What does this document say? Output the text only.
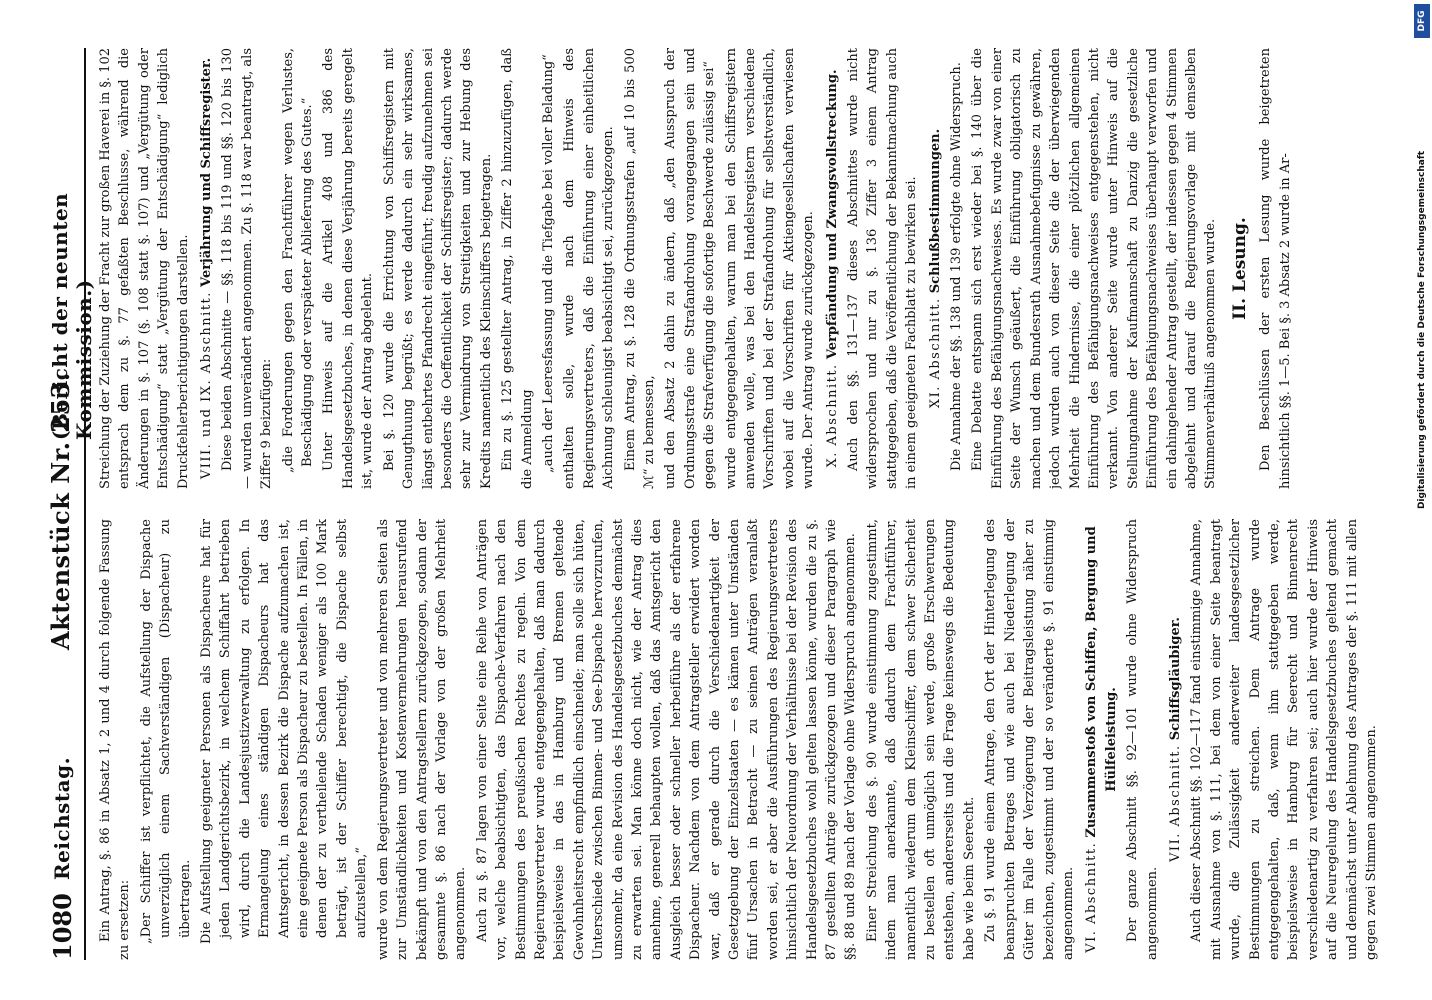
1080
Reichstag.
Aktenstück Nr. 253.
(Bericht der neunten Kommission.)

Ein Antrag, §. 86 in Absatz 1, 2 und 4 durch folgende Fassung zu ersetzen: „Der Schiffer ist verpflichtet, die Aufstellung der Dispache unverzüglich einem Sachverständigen (Dispacheur) zu übertragen. Die Aufstellung geeigneter Personen als Dispacheure hat für jeden Landgerichtsbezirk, in welchem Schiffahrt betrieben wird, durch die Landesjustizverwaltung zu erfolgen. In Ermangelung eines ständigen Dispacheurs hat das Amtsgericht, in dessen Bezirk die Dispache aufzumachen ist, eine geeignete Person als Dispacheur zu bestellen. In Fällen, in denen der zu vertheilende Schaden weniger als 100 Mark beträgt, ist der Schiffer berechtigt, die Dispache selbst aufzustellen,“ wurde von dem Regierungsvertreter und von mehreren Seiten als zur Umständlichkeiten und Kostenvermehrungen herausrufend bekämpft und von den Antragstellern zurückgezogen, sodann der gesammte §. 86 nach der Vorlage von der großen Mehrheit angenommen. Auch zu §. 87 lagen von einer Seite eine Reihe von Anträgen vor, welche beabsichtigten, das Dispache-Verfahren nach den Bestimmungen des preußischen Rechtes zu regeln. Von dem Regierungsvertreter wurde entgegengehalten, daß man dadurch beispielsweise in das in Hamburg und Bremen geltende Gewohnheitsrecht empfindlich einschneide; man solle sich hüten, Unterschiede zwischen Binnen- und See-Dispache hervorzurufen, umsomehr, da eine Revision des Handelsgesetzbuches demnächst zu erwarten sei. Man könne doch nicht, wie der Antrag dies annehme, generell behaupten wollen, daß das Amtsgericht den Ausgleich besser oder schneller herbeiführe als der erfahrene Dispacheur. Nachdem von dem Antragsteller erwidert worden war, daß er gerade durch die Verschiedenartigkeit der Gesetzgebung der Einzelstaaten — es kämen unter Umständen fünf Ursachen in Betracht — zu seinen Anträgen veranlaßt worden sei, er aber die Ausführungen des Regierungsvertreters hinsichtlich der Neuordnung der Verhältnisse bei der Revision des Handelsgesetzbuches wohl gelten lassen könne, wurden die zu §. 87 gestellten Anträge zurückgezogen und dieser Paragraph wie §§. 88 und 89 nach der Vorlage ohne Widerspruch angenommen. Einer Streichung des §. 90 wurde einstimmung zugestimmt, indem man anerkannte, daß dadurch dem Frachtführer, namentlich wiederum dem Kleinschiffer, dem schwer Sicherheit zu bestellen oft unmöglich sein werde, große Erschwerungen entstehen, andererseits und die Frage keineswegs die Bedeutung habe wie beim Seerecht. Zu §. 91 wurde einem Antrage, den Ort der Hinterlegung des beanspruchten Betrages und wie auch bei Niederlegung der Güter im Falle der Verzögerung der Beitragsleistung näher zu bezeichnen, zugestimmt und der so veränderte §. 91 einstimmig angenommen. VI. Abschnitt. Zusammenstoß von Schiffen, Bergung und Hülfeleistung. Der ganze Abschnitt §§. 92—101 wurde ohne Widerspruch angenommen.

VII. Abschnitt. Schiffsgläubiger. Auch dieser Abschnitt §§. 102—117 fand einstimmige Annahme, mit Ausnahme von §. 111, bei dem von einer Seite beantragt wurde, die Zulässigkeit anderweiter landesgesetzlicher Bestimmungen zu streichen. Dem Antrage wurde entgegengehalten, daß, wenn ihm stattgegeben werde, beispielsweise in Hamburg für Seerecht und Binnenrecht verschiedenartig zu verfahren sei; auch hier wurde der Hinweis auf die Neuregelung des Handelsgesetzbuches geltend gemacht und demnächst unter Ablehnung des Antrages der §. 111 mit allen gegen zwei Stimmen angenommen.

Streichung der Zuziehung der Fracht zur großen Haverei in §. 102 entsprach dem zu §. 77 gefaßten Beschlusse, während die Änderungen in §. 107 (§. 108 statt §. 107) und „Vergütung oder Entschädigung“ statt „Vergütung der Entschädigung“ lediglich Druckfehlerberichtigungen darstellen. VIII. und IX. Abschnitt. Verjährung und Schiffsregister. Diese beiden Abschnitte — §§. 118 bis 119 und §§. 120 bis 130 — wurden unverändert angenommen. Zu §. 118 war beantragt, als Ziffer 9 beizufügen: „die Forderungen gegen den Frachtführer wegen Verlustes, Beschädigung oder verspäteter Ablieferung des Gutes.“ Unter Hinweis auf die Artikel 408 und 386 des Handelsgesetzbuches, in denen diese Verjährung bereits geregelt ist, wurde der Antrag abgelehnt. Bei §. 120 wurde die Errichtung von Schiffsregistern mit Genugthuung begrüßt; es werde dadurch ein sehr wirksames, längst entbehrtes Pfandrecht eingeführt; freudig aufzunehmen sei besonders die Oeffentlichkeit der Schiffsregister; dadurch werde sehr zur Vermindrung von Streitigkeiten und zur Hebung des Kredits namentlich des Kleinschiffers beigetragen. Ein zu §. 125 gestellter Antrag, in Ziffer 2 hinzuzufügen, daß die Anmeldung „auch der Leeresfassung und die Tiefgabe bei voller Beladung“ enthalten solle, wurde nach dem Hinweis des Regierungsvertreters, daß die Einführung einer einheitlichen Aichnung schleunigst beabsichtigt sei, zurückgezogen. Einem Antrag, zu §. 128 die Ordnungsstrafen „auf 10 bis 500 ℳ“ zu bemessen, und den Absatz 2 dahin zu ändern, daß „den Ausspruch der Ordnungsstrafe eine Strafandrohung vorangegangen sein und gegen die Strafverfügung die sofortige Beschwerde zulässig sei“ wurde entgegengehalten, warum man bei den Schiffsregistern anwenden wolle, was bei den Handelsregistern verschiedene Vorschriften und bei der Strafandrohung für selbstverständlich, wobei auf die Vorschriften für Aktiengesellschaften verwiesen wurde. Der Antrag wurde zurückgezogen. X. Abschnitt. Verpfändung und Zwangsvollstreckung. Auch den §§. 131—137 dieses Abschnittes wurde nicht widersprochen und nur zu §. 136 Ziffer 3 einem Antrag stattgegeben, daß die Veröffentlichung der Bekanntmachung auch in einem geeigneten Fachblatt zu bewirken sei. XI. Abschnitt. Schlußbestimmungen. Die Annahme der §§. 138 und 139 erfolgte ohne Widerspruch. Eine Debatte entspann sich erst wieder bei §. 140 über die Einführung des Befähigungsnachweises. Es wurde zwar von einer Seite der Wunsch geäußert, die Einführung obligatorisch zu machen und dem Bundesrath Ausnahmebefugnisse zu gewähren, jedoch wurden auch von dieser Seite die der überwiegenden Mehrheit die Hindernisse, die einer plötzlichen allgemeinen Einführung des Befähigungsnachweises entgegenstehen, nicht verkannt. Von anderer Seite wurde unter Hinweis auf die Stellungnahme der Kaufmannschaft zu Danzig die gesetzliche Einführung des Befähigungsnachweises überhaupt verworfen und ein dahingehender Antrag gestellt, der indessen gegen 4 Stimmen abgelehnt und darauf die Regierungsvorlage mit demselben Stimmenverhältniß angenommen wurde. II. Lesung. Den Beschlüssen der ersten Lesung wurde beigetreten hinsichtlich §§. 1—5. Bei §. 3 Absatz 2 wurde in Ar-

DFG
Digitalisierung gefördert durch die Deutsche Forschungsgemeinschaft
